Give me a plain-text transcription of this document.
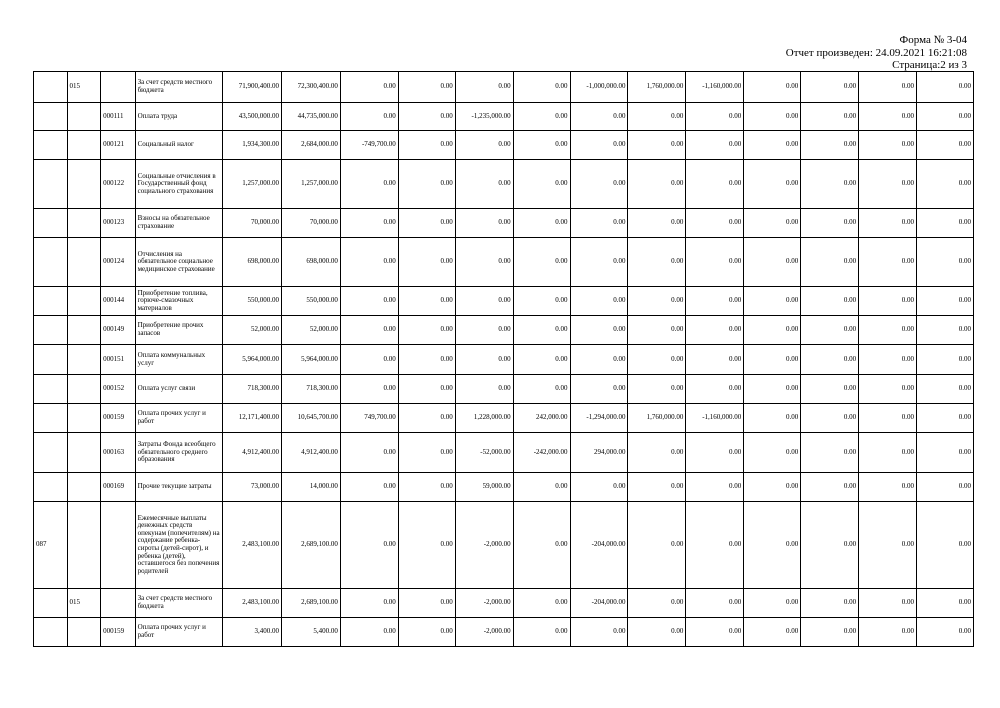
Форма № 3-04
Отчет произведен: 24.09.2021 16:21:08
Страница:2 из 3
	015		За счет средств местного бюджета	71,900,400.00	72,300,400.00	0.00	0.00	0.00	0.00	-1,000,000.00	1,760,000.00	-1,160,000.00	0.00	0.00	0.00	0.00
		000111	Оплата труда	43,500,000.00	44,735,000.00	0.00	0.00	-1,235,000.00	0.00	0.00	0.00	0.00	0.00	0.00	0.00	0.00
		000121	Социальный налог	1,934,300.00	2,684,000.00	-749,700.00	0.00	0.00	0.00	0.00	0.00	0.00	0.00	0.00	0.00	0.00
		000122	Социальные отчисления в Государственный фонд социального страхования	1,257,000.00	1,257,000.00	0.00	0.00	0.00	0.00	0.00	0.00	0.00	0.00	0.00	0.00	0.00
		000123	Взносы на обязательное страхование	70,000.00	70,000.00	0.00	0.00	0.00	0.00	0.00	0.00	0.00	0.00	0.00	0.00	0.00
		000124	Отчисления на обязательное социальное медицинское страхование	698,000.00	698,000.00	0.00	0.00	0.00	0.00	0.00	0.00	0.00	0.00	0.00	0.00	0.00
		000144	Приобретение топлива, горюче-смазочных материалов	550,000.00	550,000.00	0.00	0.00	0.00	0.00	0.00	0.00	0.00	0.00	0.00	0.00	0.00
		000149	Приобретение прочих запасов	52,000.00	52,000.00	0.00	0.00	0.00	0.00	0.00	0.00	0.00	0.00	0.00	0.00	0.00
		000151	Оплата коммунальных услуг	5,964,000.00	5,964,000.00	0.00	0.00	0.00	0.00	0.00	0.00	0.00	0.00	0.00	0.00	0.00
		000152	Оплата услуг связи	718,300.00	718,300.00	0.00	0.00	0.00	0.00	0.00	0.00	0.00	0.00	0.00	0.00	0.00
		000159	Оплата прочих услуг и работ	12,171,400.00	10,645,700.00	749,700.00	0.00	1,228,000.00	242,000.00	-1,294,000.00	1,760,000.00	-1,160,000.00	0.00	0.00	0.00	0.00
		000163	Затраты Фонда всеобщего обязательного среднего образования	4,912,400.00	4,912,400.00	0.00	0.00	-52,000.00	-242,000.00	294,000.00	0.00	0.00	0.00	0.00	0.00	0.00
		000169	Прочие текущие затраты	73,000.00	14,000.00	0.00	0.00	59,000.00	0.00	0.00	0.00	0.00	0.00	0.00	0.00	0.00
087			Ежемесячные выплаты денежных средств опекунам (попечителям) на содержание ребенка-сироты (детей-сирот), и ребенка (детей), оставшегося без попечения родителей	2,483,100.00	2,689,100.00	0.00	0.00	-2,000.00	0.00	-204,000.00	0.00	0.00	0.00	0.00	0.00	0.00
	015		За счет средств местного бюджета	2,483,100.00	2,689,100.00	0.00	0.00	-2,000.00	0.00	-204,000.00	0.00	0.00	0.00	0.00	0.00	0.00
		000159	Оплата прочих услуг и работ	3,400.00	5,400.00	0.00	0.00	-2,000.00	0.00	0.00	0.00	0.00	0.00	0.00	0.00	0.00
